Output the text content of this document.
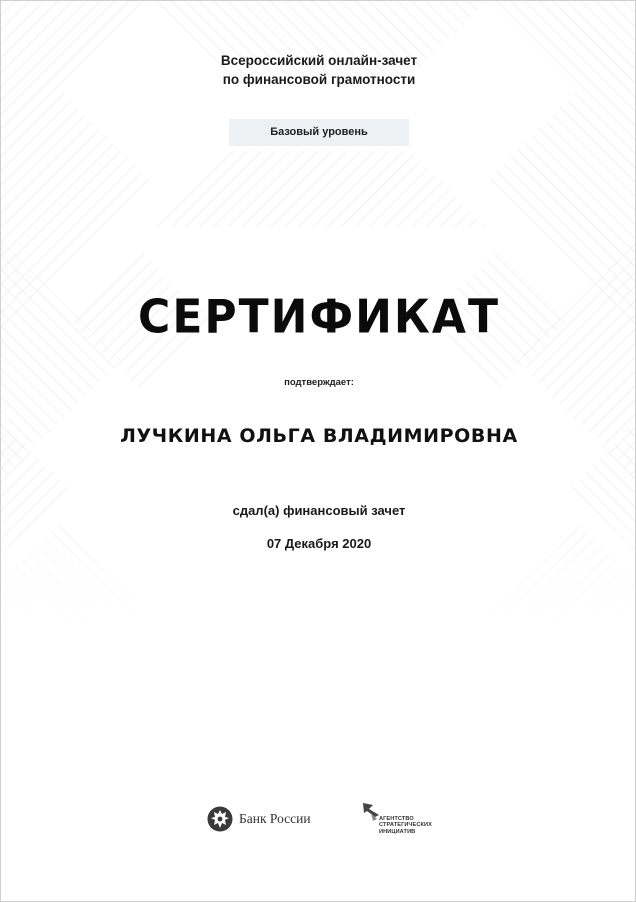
Всероссийский онлайн-зачет
по финансовой грамотности
Базовый уровень
СЕРТИФИКАТ
подтверждает:
ЛУЧКИНА ОЛЬГА ВЛАДИМИРОВНА
сдал(а) финансовый зачет
07 Декабря 2020
Банк России	АГЕНТСТВО
СТРАТЕГИЧЕСКИХ
ИНИЦИАТИВ
